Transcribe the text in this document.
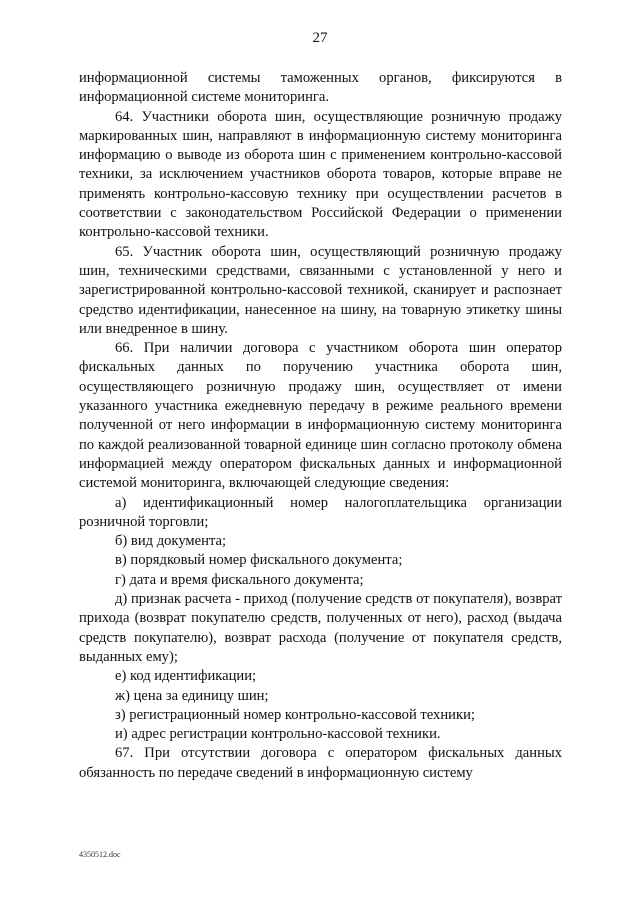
27

информационной системы таможенных органов, фиксируются в информационной системе мониторинга.

64. Участники оборота шин, осуществляющие розничную продажу маркированных шин, направляют в информационную систему мониторинга информацию о выводе из оборота шин с применением контрольно-кассовой техники, за исключением участников оборота товаров, которые вправе не применять контрольно-кассовую технику при осуществлении расчетов в соответствии с законодательством Российской Федерации о применении контрольно-кассовой техники.

65. Участник оборота шин, осуществляющий розничную продажу шин, техническими средствами, связанными с установленной у него и зарегистрированной контрольно-кассовой техникой, сканирует и распознает средство идентификации, нанесенное на шину, на товарную этикетку шины или внедренное в шину.

66. При наличии договора с участником оборота шин оператор фискальных данных по поручению участника оборота шин, осуществляющего розничную продажу шин, осуществляет от имени указанного участника ежедневную передачу в режиме реального времени полученной от него информации в информационную систему мониторинга по каждой реализованной товарной единице шин согласно протоколу обмена информацией между оператором фискальных данных и информационной системой мониторинга, включающей следующие сведения:

а) идентификационный номер налогоплательщика организации розничной торговли;

б) вид документа;

в) порядковый номер фискального документа;

г) дата и время фискального документа;

д) признак расчета - приход (получение средств от покупателя), возврат прихода (возврат покупателю средств, полученных от него), расход (выдача средств покупателю), возврат расхода (получение от покупателя средств, выданных ему);

е) код идентификации;

ж) цена за единицу шин;

з) регистрационный номер контрольно-кассовой техники;

и) адрес регистрации контрольно-кассовой техники.

67. При отсутствии договора с оператором фискальных данных обязанность по передаче сведений в информационную систему

4350512.doc
